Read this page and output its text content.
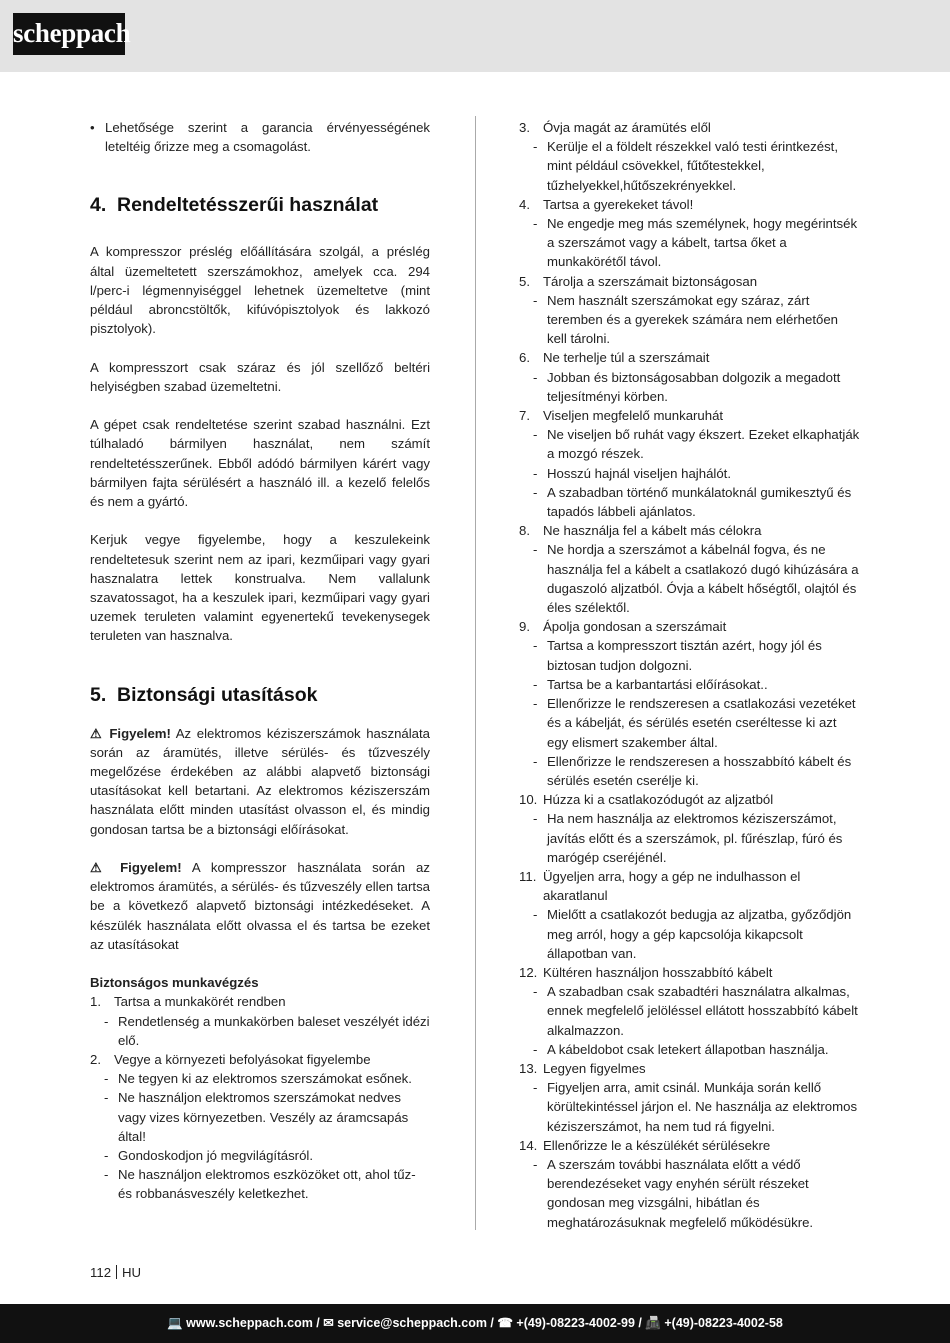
scheppach
• Lehetősége szerint a garancia érvényességének leteltéig őrizze meg a csomagolást.

4. Rendeltetésszerűi használat

A kompresszor préslég előállítására szolgál, a préslég által üzemeltetett szerszámokhoz, amelyek cca. 294 l/perc-i légmennyiséggel lehetnek üzemeltetve (mint például abroncstöltők, kifúvópisztolyok és lakkozó pisztolyok).

A kompresszort csak száraz és jól szellőző beltéri helyiségben szabad üzemeltetni.

A gépet csak rendeltetése szerint szabad használni. Ezt túlhaladó bármilyen használat, nem számít rendeltetésszerűnek. Ebből adódó bármilyen kárért vagy bármilyen fajta sérülésért a használó ill. a kezelő felelős és nem a gyártó.

Kerjuk vegye figyelembe, hogy a keszulekeink rendeltetesuk szerint nem az ipari, kezműipari vagy gyari hasznalatra lettek konstrualva. Nem vallalunk szavatossagot, ha a keszulek ipari, kezműipari vagy gyari uzemek teruleten valamint egyenertekű tevekenysegek teruleten van hasznalva.

5. Biztonsági utasítások

⚠ Figyelem! Az elektromos kéziszerszámok használata során az áramütés, illetve sérülés- és tűzveszély megelőzése érdekében az alábbi alapvető biztonsági utasításokat kell betartani. Az elektromos kéziszerszám használata előtt minden utasítást olvasson el, és mindig gondosan tartsa be a biztonsági előírásokat.

⚠ Figyelem! A kompresszor használata során az elektromos áramütés, a sérülés- és tűzveszély ellen tartsa be a következő alapvető biztonsági intézkedéseket. A készülék használata előtt olvassa el és tartsa be ezeket az utasításokat

Biztonságos munkavégzés

1. Tartsa a munkakörét rendben
- Rendetlenség a munkakörben baleset veszélyét idézi elő.
2. Vegye a környezeti befolyásokat figyelembe
- Ne tegyen ki az elektromos szerszámokat esőnek.
- Ne használjon elektromos szerszámokat nedves vagy vizes környezetben. Veszély az áramcsapás által!
- Gondoskodjon jó megvilágításról.
- Ne használjon elektromos eszközöket ott, ahol tűz- és robbanásveszély keletkezhet.
3. Óvja magát az áramütés elől
- Kerülje el a földelt részekkel való testi érintkezést, mint például csövekkel, fűtőtestekkel, tűzhelyekkel,hűtőszekrényekkel.
4. Tartsa a gyerekeket távol!
- Ne engedje meg más személynek, hogy megérintsék a szerszámot vagy a kábelt, tartsa őket a munkakörétől távol.
5. Tárolja a szerszámait biztonságosan
- Nem használt szerszámokat egy száraz, zárt teremben és a gyerekek számára nem elérhetően kell tárolni.
6. Ne terhelje túl a szerszámait
- Jobban és biztonságosabban dolgozik a megadott teljesítményi körben.
7. Viseljen megfelelő munkaruhát
- Ne viseljen bő ruhát vagy ékszert. Ezeket elkaphatják a mozgó részek.
- Hosszú hajnál viseljen hajhálót.
- A szabadban történő munkálatoknál gumikesztyű és tapadós lábbeli ajánlatos.
8. Ne használja fel a kábelt más célokra
- Ne hordja a szerszámot a kábelnál fogva, és ne használja fel a kábelt a csatlakozó dugó kihúzására a dugaszoló aljzatból. Óvja a kábelt hőségtől, olajtól és éles szélektől.
9. Ápolja gondosan a szerszámait
- Tartsa a kompresszort tisztán azért, hogy jól és biztosan tudjon dolgozni.
- Tartsa be a karbantartási előírásokat..
- Ellenőrizze le rendszeresen a csatlakozási vezetéket és a kábelját, és sérülés esetén cseréltesse ki azt egy elismert szakember által.
- Ellenőrizze le rendszeresen a hosszabbító kábelt és sérülés esetén cserélje ki.
10. Húzza ki a csatlakozódugót az aljzatból
- Ha nem használja az elektromos kéziszerszámot, javítás előtt és a szerszámok, pl. fűrészlap, fúró és marógép cseréjénél.
11. Ügyeljen arra, hogy a gép ne indulhasson el akaratlanul
- Mielőtt a csatlakozót bedugja az aljzatba, győződjön meg arról, hogy a gép kapcsolója kikapcsolt állapotban van.
12. Kültéren használjon hosszabbító kábelt
- A szabadban csak szabadtéri használatra alkalmas, ennek megfelelő jelöléssel ellátott hosszabbító kábelt alkalmazzon.
- A kábeldobot csak letekert állapotban használja.
13. Legyen figyelmes
- Figyeljen arra, amit csinál. Munkája során kellő körültekintéssel járjon el. Ne használja az elektromos kéziszerszámot, ha nem tud rá figyelni.
14. Ellenőrizze le a készülékét sérülésekre
- A szerszám további használata előtt a védő berendezéseket vagy enyhén sérült részeket gondosan meg vizsgálni, hibátlan és meghatározásuknak megfelelő működésükre.
112 HU
💻 www.scheppach.com / ✉ service@scheppach.com / ☎ +(49)-08223-4002-99 / 📠 +(49)-08223-4002-58
